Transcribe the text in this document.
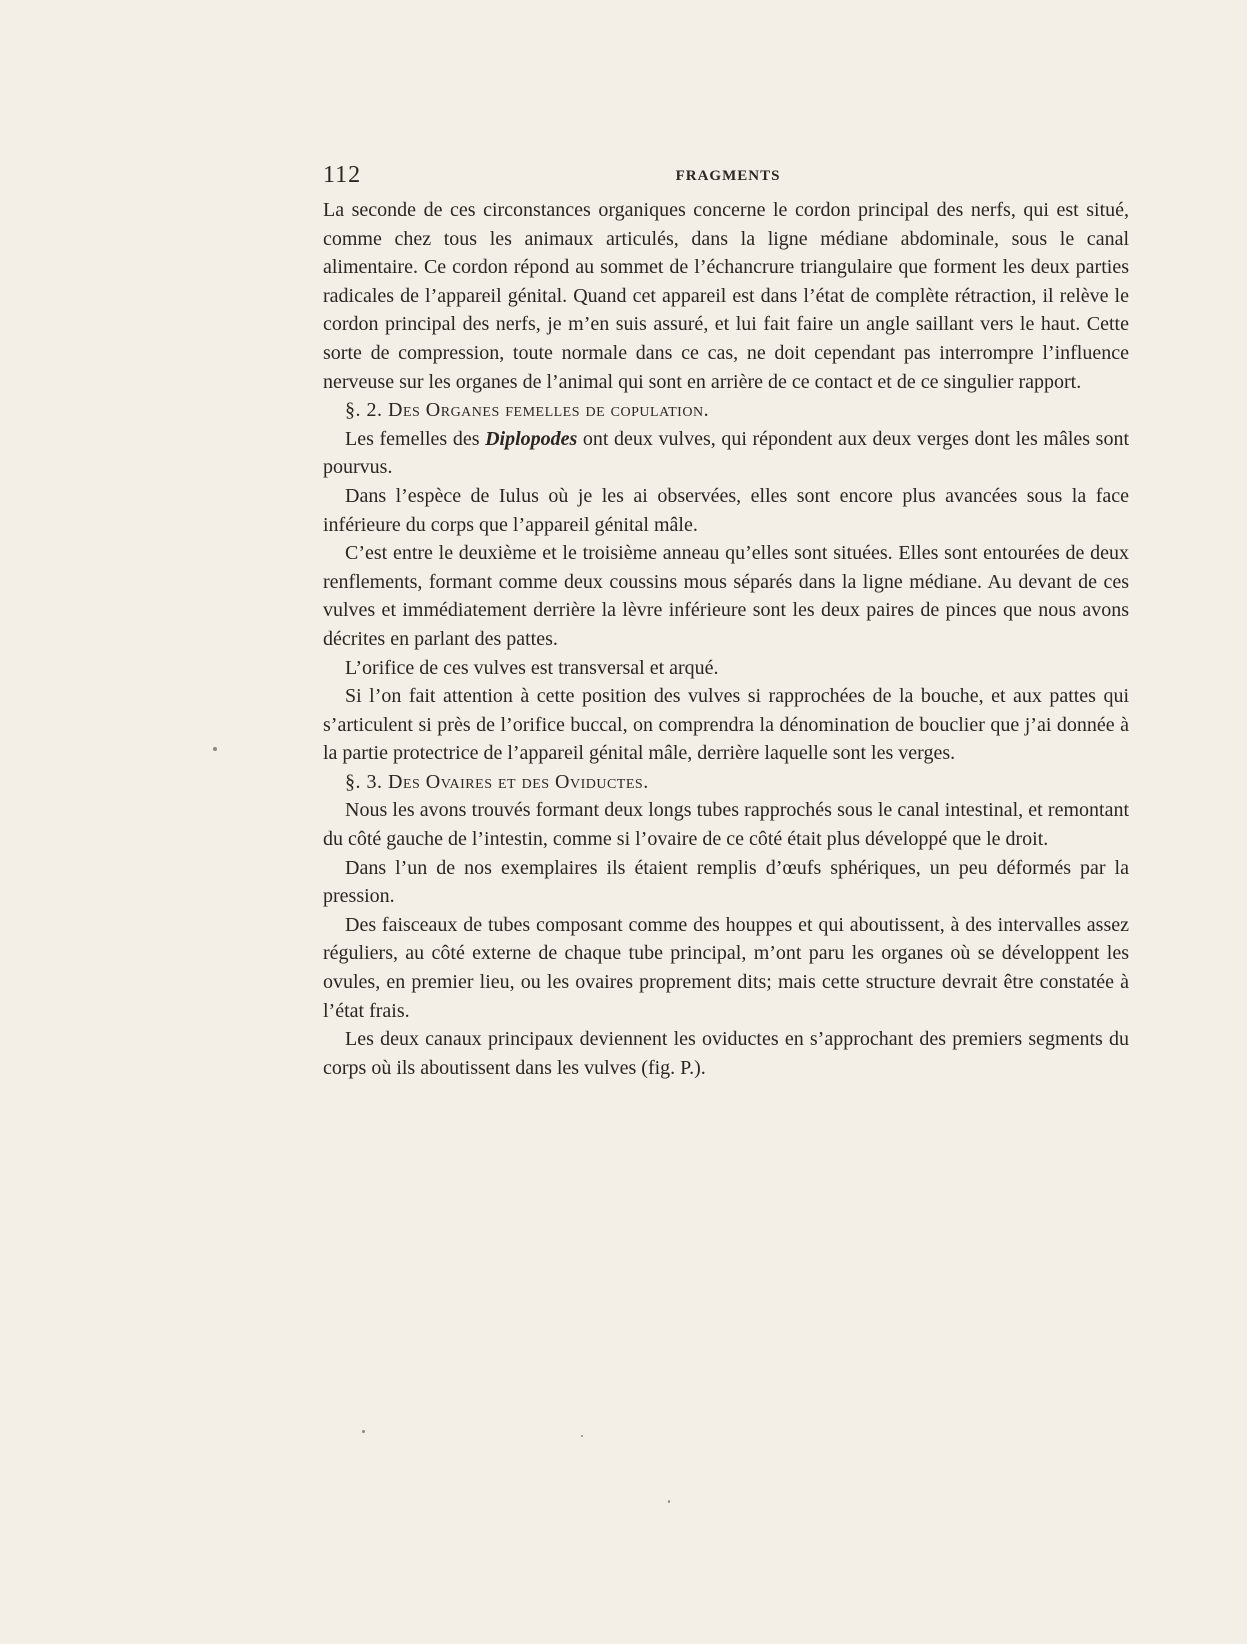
112	FRAGMENTS

La seconde de ces circonstances organiques concerne le cordon principal des nerfs, qui est situé, comme chez tous les animaux articulés, dans la ligne médiane abdominale, sous le canal alimentaire. Ce cordon répond au sommet de l’échancrure triangulaire que forment les deux parties radicales de l’appareil génital. Quand cet appareil est dans l’état de complète rétraction, il relève le cordon principal des nerfs, je m’en suis assuré, et lui fait faire un angle saillant vers le haut. Cette sorte de compression, toute normale dans ce cas, ne doit cependant pas interrompre l’influence nerveuse sur les organes de l’animal qui sont en arrière de ce contact et de ce singulier rapport.

§. 2. Des Organes femelles de copulation.

Les femelles des Diplopodes ont deux vulves, qui répondent aux deux verges dont les mâles sont pourvus.

Dans l’espèce de Iulus où je les ai observées, elles sont encore plus avancées sous la face inférieure du corps que l’appareil génital mâle.

C’est entre le deuxième et le troisième anneau qu’elles sont situées. Elles sont entourées de deux renflements, formant comme deux coussins mous séparés dans la ligne médiane. Au devant de ces vulves et immédiatement derrière la lèvre inférieure sont les deux paires de pinces que nous avons décrites en parlant des pattes.

L’orifice de ces vulves est transversal et arqué.

Si l’on fait attention à cette position des vulves si rapprochées de la bouche, et aux pattes qui s’articulent si près de l’orifice buccal, on comprendra la dénomination de bouclier que j’ai donnée à la partie protectrice de l’appareil génital mâle, derrière laquelle sont les verges.

§. 3. Des Ovaires et des Oviductes.

Nous les avons trouvés formant deux longs tubes rapprochés sous le canal intestinal, et remontant du côté gauche de l’intestin, comme si l’ovaire de ce côté était plus développé que le droit.

Dans l’un de nos exemplaires ils étaient remplis d’œufs sphériques, un peu déformés par la pression.

Des faisceaux de tubes composant comme des houppes et qui aboutissent, à des intervalles assez réguliers, au côté externe de chaque tube principal, m’ont paru les organes où se développent les ovules, en premier lieu, ou les ovaires proprement dits; mais cette structure devrait être constatée à l’état frais.

Les deux canaux principaux deviennent les oviductes en s’approchant des premiers segments du corps où ils aboutissent dans les vulves (fig. P.).
